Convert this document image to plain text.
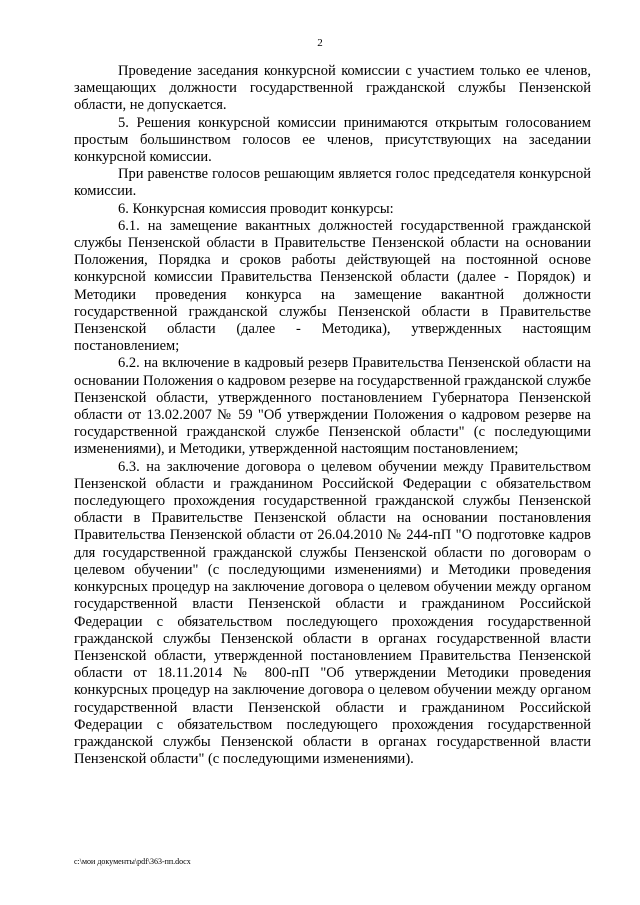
2

Проведение заседания конкурсной комиссии с участием только ее членов, замещающих должности государственной гражданской службы Пензенской области, не допускается.

5. Решения конкурсной комиссии принимаются открытым голосованием простым большинством голосов ее членов, присутствующих на заседании конкурсной комиссии.

При равенстве голосов решающим является голос председателя конкурсной комиссии.

6. Конкурсная комиссия проводит конкурсы:

6.1. на замещение вакантных должностей государственной гражданской службы Пензенской области в Правительстве Пензенской области на основании Положения, Порядка и сроков работы действующей на постоянной основе конкурсной комиссии Правительства Пензенской области (далее - Порядок) и Методики проведения конкурса на замещение вакантной должности государственной гражданской службы Пензенской области в Правительстве Пензенской области (далее - Методика), утвержденных настоящим постановлением;

6.2. на включение в кадровый резерв Правительства Пензенской области на основании Положения о кадровом резерве на государственной гражданской службе Пензенской области, утвержденного постановлением Губернатора Пензенской области от 13.02.2007 № 59 "Об утверждении Положения о кадровом резерве на государственной гражданской службе Пензенской области" (с последующими изменениями), и Методики, утвержденной настоящим постановлением;

6.3. на заключение договора о целевом обучении между Правительством Пензенской области и гражданином Российской Федерации с обязательством последующего прохождения государственной гражданской службы Пензенской области в Правительстве Пензенской области на основании постановления Правительства Пензенской области от 26.04.2010 № 244-пП "О подготовке кадров для государственной гражданской службы Пензенской области по договорам о целевом обучении" (с последующими изменениями) и Методики проведения конкурсных процедур на заключение договора о целевом обучении между органом государственной власти Пензенской области и гражданином Российской Федерации с обязательством последующего прохождения государственной гражданской службы Пензенской области в органах государственной власти Пензенской области, утвержденной постановлением Правительства Пензенской области от 18.11.2014 № 800-пП "Об утверждении Методики проведения конкурсных процедур на заключение договора о целевом обучении между органом государственной власти Пензенской области и гражданином Российской Федерации с обязательством последующего прохождения государственной гражданской службы Пензенской области в органах государственной власти Пензенской области" (с последующими изменениями).

c:\мои документы\pdf\363-пп.docx
